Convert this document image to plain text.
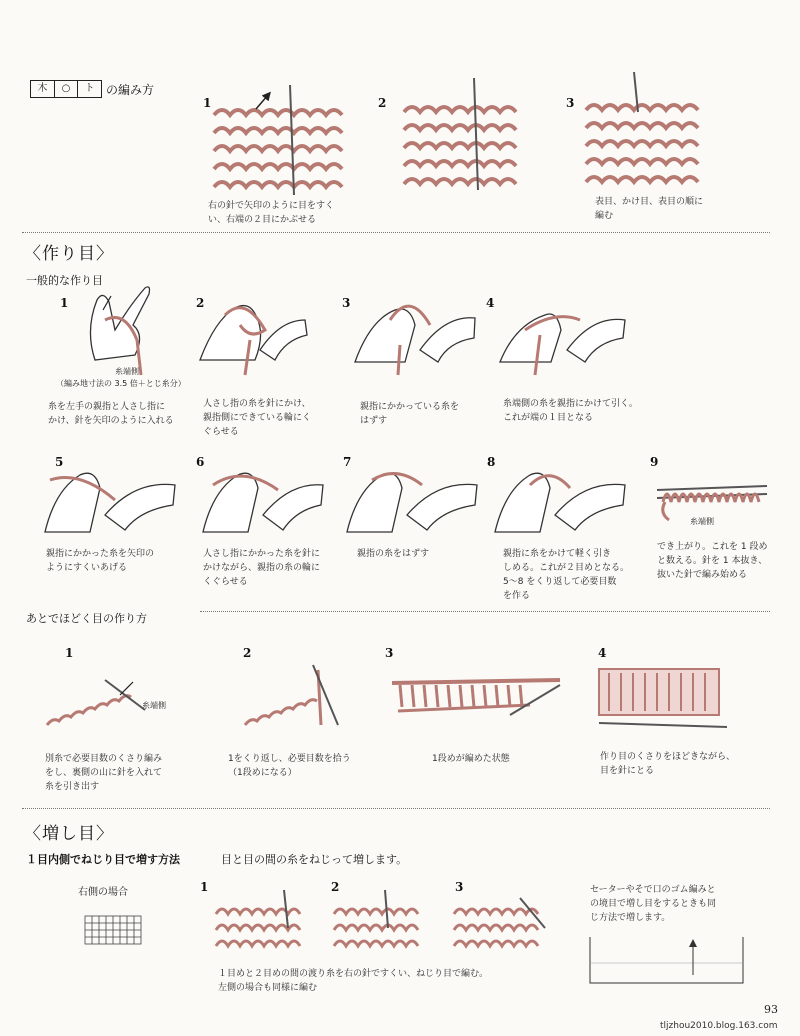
木	○	ト の編み方
1	2	3
右の針で矢印のように目をすく
い、右端の２目にかぶせる
表目、かけ目、表目の順に
編む
〈作り目〉
一般的な作り目
1	2	3	4
糸端側
（編み地寸法の 3.5 倍＋とじ糸分）
糸を左手の親指と人さし指に
かけ、針を矢印のように入れる
人さし指の糸を針にかけ、
親指側にできている輪にく
ぐらせる
親指にかかっている糸を
はずす
糸端側の糸を親指にかけて引く。
これが端の１目となる
5	6	7	8	9
糸端側
親指にかかった糸を矢印の
ようにすくいあげる
人さし指にかかった糸を針に
かけながら、親指の糸の輪に
くぐらせる
親指の糸をはずす	親指に糸をかけて軽く引き
しめる。これが２目めとなる。
5〜8 をくり返して必要目数
を作る
でき上がり。これを 1 段め
と数える。針を 1 本抜き、
抜いた針で編み始める
あとでほどく目の作り方
1	2	3	4
糸端側
別糸で必要目数のくさり編み
をし、裏側の山に針を入れて
糸を引き出す
1をくり返し、必要目数を拾う
（1段めになる）
1段めが編めた状態	作り目のくさりをほどきながら、
目を針にとる
〈増し目〉
１目内側でねじり目で増す方法	目と目の間の糸をねじって増します。
右側の場合	1	2	3
１目めと２目めの間の渡り糸を右の針ですくい、ねじり目で編む。
左側の場合も同様に編む
セーターやそで口のゴム編みと
の境目で増し目をするときも同
じ方法で増します。
93
tljzhou2010.blog.163.com
